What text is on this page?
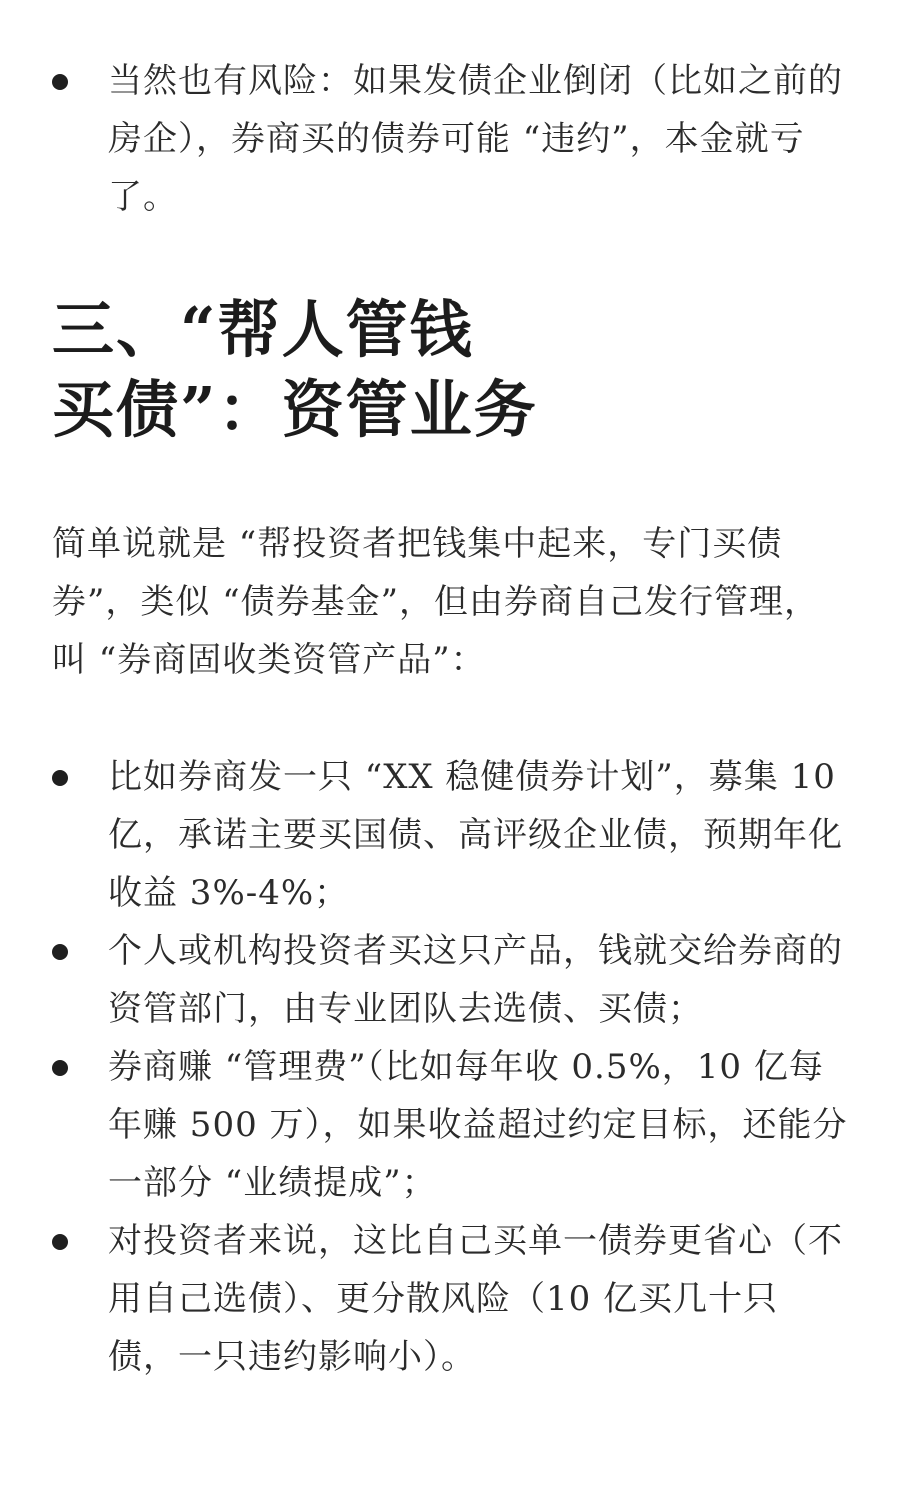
当然也有风险：如果发债企业倒闭（比如之前的房企），券商买的债券可能 “违约”，本金就亏了。
三、“帮人管钱
买债”：资管业务

简单说就是 “帮投资者把钱集中起来，专门买债券”，类似 “债券基金”，但由券商自己发行管理，叫 “券商固收类资管产品”：

比如券商发一只 “XX 稳健债券计划”，募集 10 亿，承诺主要买国债、高评级企业债，预期年化收益 3%-4%；
个人或机构投资者买这只产品，钱就交给券商的资管部门，由专业团队去选债、买债；
券商赚 “管理费”（比如每年收 0.5%，10 亿每年赚 500 万），如果收益超过约定目标，还能分一部分 “业绩提成”；
对投资者来说，这比自己买单一债券更省心（不用自己选债）、更分散风险（10 亿买几十只债，一只违约影响小）。
